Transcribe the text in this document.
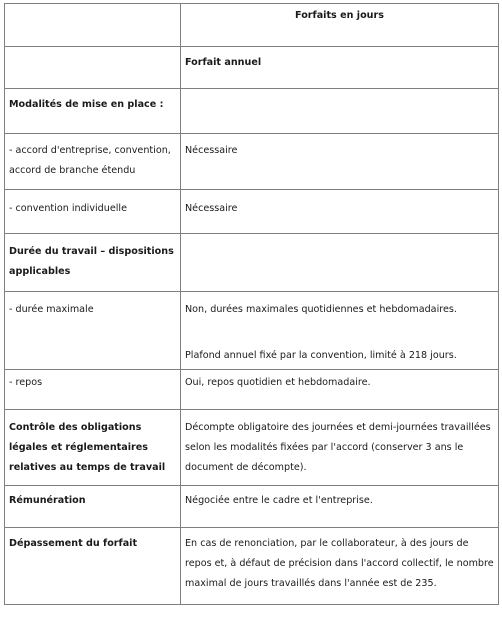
	Forfaits en jours
	Forfait annuel
Modalités de mise en place :	
- accord d'entreprise, convention, accord de branche étendu	Nécessaire
- convention individuelle	Nécessaire
Durée du travail – dispositions applicables	
- durée maximale	Non, durées maximales quotidiennes et hebdomadaires.

Plafond annuel fixé par la convention, limité à 218 jours.

- repos	Oui, repos quotidien et hebdomadaire.
Contrôle des obligations légales et réglementaires relatives au temps de travail	Décompte obligatoire des journées et demi-journées travaillées selon les modalités fixées par l'accord (conserver 3 ans le document de décompte).
Rémunération	Négociée entre le cadre et l'entreprise.
Dépassement du forfait	En cas de renonciation, par le collaborateur, à des jours de repos et, à défaut de précision dans l'accord collectif, le nombre maximal de jours travaillés dans l'année est de 235.
